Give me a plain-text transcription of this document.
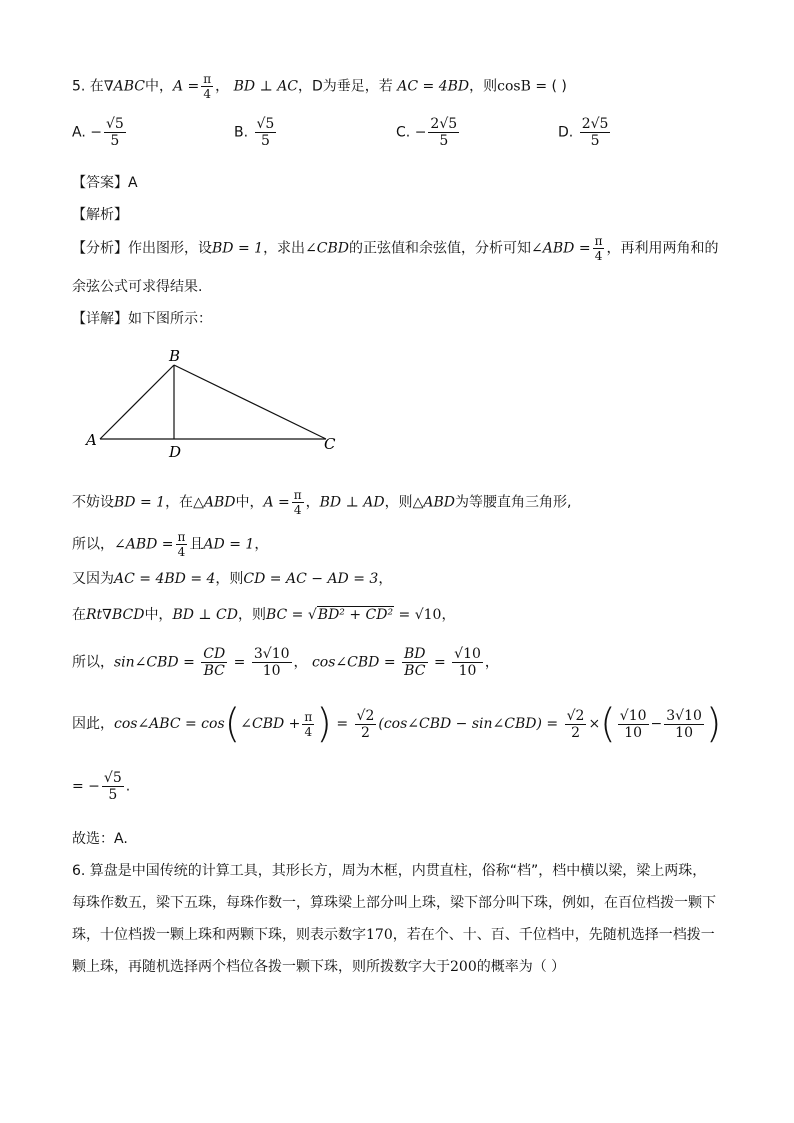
5. 在∇ABC中，$A = \frac{\pi}{4}$ ， BD ⊥ AC，D为垂足，若 AC = 4BD，则cosB = ( )
A. − $\frac{√5}{5}$	B. $\frac{√5}{5}$	C. − $\frac{2√5}{5}$	D. $\frac{2√5}{5}$
【答案】A
【解析】
【分析】作出图形，设BD = 1，求出∠CBD的正弦值和余弦值，分析可知∠ABD = $\frac{\pi}{4}$ ，再利用两角和的
余弦公式可求得结果.
【详解】如下图所示：
B
A
D	C
不妨设BD = 1，在△ABD中，$A = \frac{\pi}{4}$ ，BD ⊥ AD，则△ABD为等腰直角三角形,
所以，∠ABD = $\frac{\pi}{4}$ 且AD = 1，
又因为AC = 4BD = 4，则CD = AC − AD = 3，
在Rt∇BCD中，BD ⊥ CD，则BC = √BD² + CD² = √10，
所以，sin∠CBD = $\frac{CD}{BC} = \frac{3√10}{10}$ ， cos∠CBD = $\frac{BD}{BC} = \frac{√10}{10}$ ，
因此，cos∠ABC = cos(∠CBD + $\frac{\pi}{4}$ ) = $\frac{√2}{2}$ (cos∠CBD − sin∠CBD) = $\frac{√2}{2}$ ×( $\frac{√10}{10} - \frac{3√10}{10}$ )
= − $\frac{√5}{5}$ .
故选：A.
6. 算盘是中国传统的计算工具，其形长方，周为木框，内贯直柱，俗称“档”，档中横以梁，梁上两珠，
每珠作数五，梁下五珠，每珠作数一，算珠梁上部分叫上珠，梁下部分叫下珠，例如，在百位档拨一颗下
珠，十位档拨一颗上珠和两颗下珠，则表示数字170，若在个、十、百、千位档中，先随机选择一档拨一
颗上珠，再随机选择两个档位各拨一颗下珠，则所拨数字大于200的概率为（ ）
